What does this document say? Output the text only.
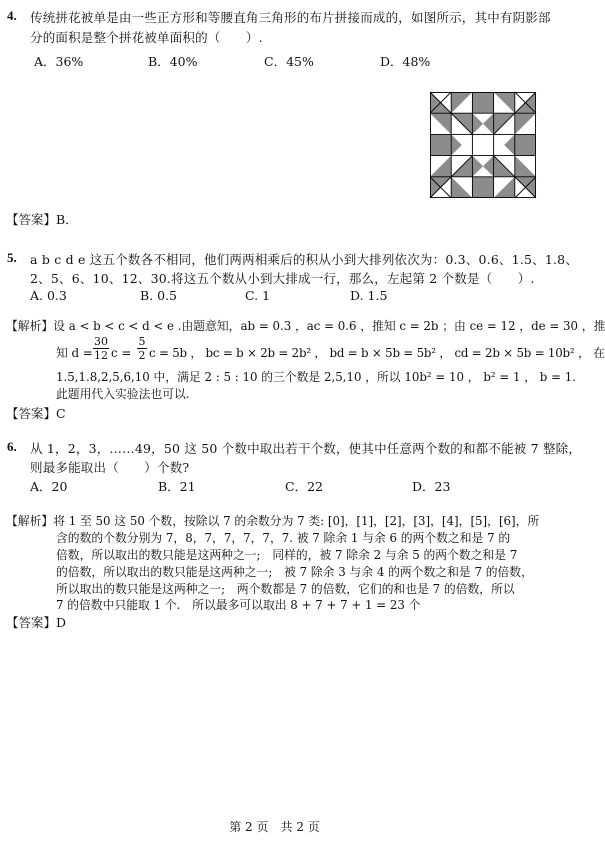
4. 传统拼花被单是由一些正方形和等腰直角三角形的布片拼接而成的，如图所示，其中有阴影部
分的面积是整个拼花被单面积的（　　）.
A．36%	B．40%	C．45%	D．48%
【答案】B．
5. a b c d e 这五个数各不相同，他们两两相乘后的积从小到大排列依次为：0.3、0.6、1.5、1.8、
2、5、6、10、12、30.将这五个数从小到大排成一行，那么，左起第 2 个数是（　　）.
A. 0.3	B. 0.5	C. 1	D. 1.5
【解析】设 a < b < c < d < e .由题意知，ab = 0.3 ，ac = 0.6 ，推知 c = 2b ；由 ce = 12 ，de = 30 ，推
知 $d = \frac{30}{12}$ $c = \frac{5}{2}$ c = 5b ， bc = b × 2b = 2b² ， bd = b × 5b = 5b² ， cd = 2b × 5b = 10b² ， 在
1.5,1.8,2,5,6,10 中，满足 2 : 5 : 10 的三个数是 2,5,10 ，所以 10b² = 10 ， b² = 1 ， b = 1.
此题用代入实验法也可以.
【答案】C
6. 从 1，2，3，……49，50 这 50 个数中取出若干个数，使其中任意两个数的和都不能被 7 整除，
则最多能取出（　　）个数?
A．20	B．21	C．22	D．23
【解析】将 1 至 50 这 50 个数，按除以 7 的余数分为 7 类: [0]，[1]，[2]，[3]，[4]，[5]，[6]，所
含的数的个数分别为 7，8，7，7，7，7，7. 被 7 除余 1 与余 6 的两个数之和是 7 的
倍数，所以取出的数只能是这两种之一;　同样的，被 7 除余 2 与余 5 的两个数之和是 7
的倍数，所以取出的数只能是这两种之一;　被 7 除余 3 与余 4 的两个数之和是 7 的倍数，
所以取出的数只能是这两种之一;　两个数都是 7 的倍数，它们的和也是 7 的倍数，所以
7 的倍数中只能取 1 个.　所以最多可以取出 8 + 7 + 7 + 1 = 23 个
【答案】D
第 2 页　共 2 页
